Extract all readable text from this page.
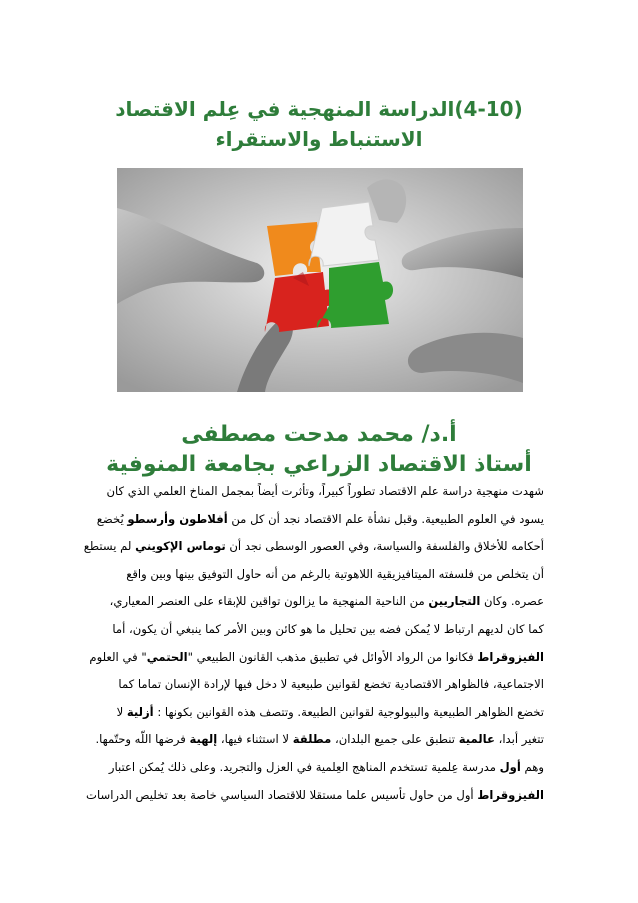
(4-10)الدراسة المنهجية في عِلم الاقتصاد
الاستنباط والاستقراء
أ.د/ محمد مدحت مصطفى
أستاذ الاقتصاد الزراعي بجامعة المنوفية

شهدت منهجية دراسة علم الاقتصاد تطوراً كبيراً، وتأثرت أيضاً بمجمل المناخ العلمي الذي كان
يسود في العلوم الطبيعية. وقبل نشأة علم الاقتصاد نجد أن كل من أفلاطون وأرسطو يُخضع
أحكامه للأخلاق والفلسفة والسياسة، وفي العصور الوسطى نجد أن توماس الإكويني لم يستطع
أن يتخلص من فلسفته الميتافيزيقية اللاهوتية بالرغم من أنه حاول التوفيق بينها وبين واقع
عصره. وكان التجاريين من الناحية المنهجية ما يزالون تواقين للإبقاء على العنصر المعياري،
كما كان لديهم ارتباط لا يُمكن فضه بين تحليل ما هو كائن وبين الأمر كما ينبغي أن يكون، أما
الفيزوقراط فكانوا من الرواد الأوائل في تطبيق مذهب القانون الطبيعي "الحتمي" في العلوم
الاجتماعية، فالظواهر الاقتصادية تخضع لقوانين طبيعية لا دخل فيها لإرادة الإنسان تماما كما
تخضع الظواهر الطبيعية والبيولوجية لقوانين الطبيعة. وتتصف هذه القوانين بكونها : أزلية لا
تتغير أبدا، عالمية تنطبق على جميع البلدان، مطلقة لا استثناء فيها، إلهية فرضها اللّه وحتّمها.
وهم أول مدرسة عِلمية تستخدم المناهج العِلمية في العزل والتجريد. وعلى ذلك يُمكن اعتبار
الفيزوقراط أول من حاول تأسيس علما مستقلا للاقتصاد السياسي خاصة بعد تخليص الدراسات
